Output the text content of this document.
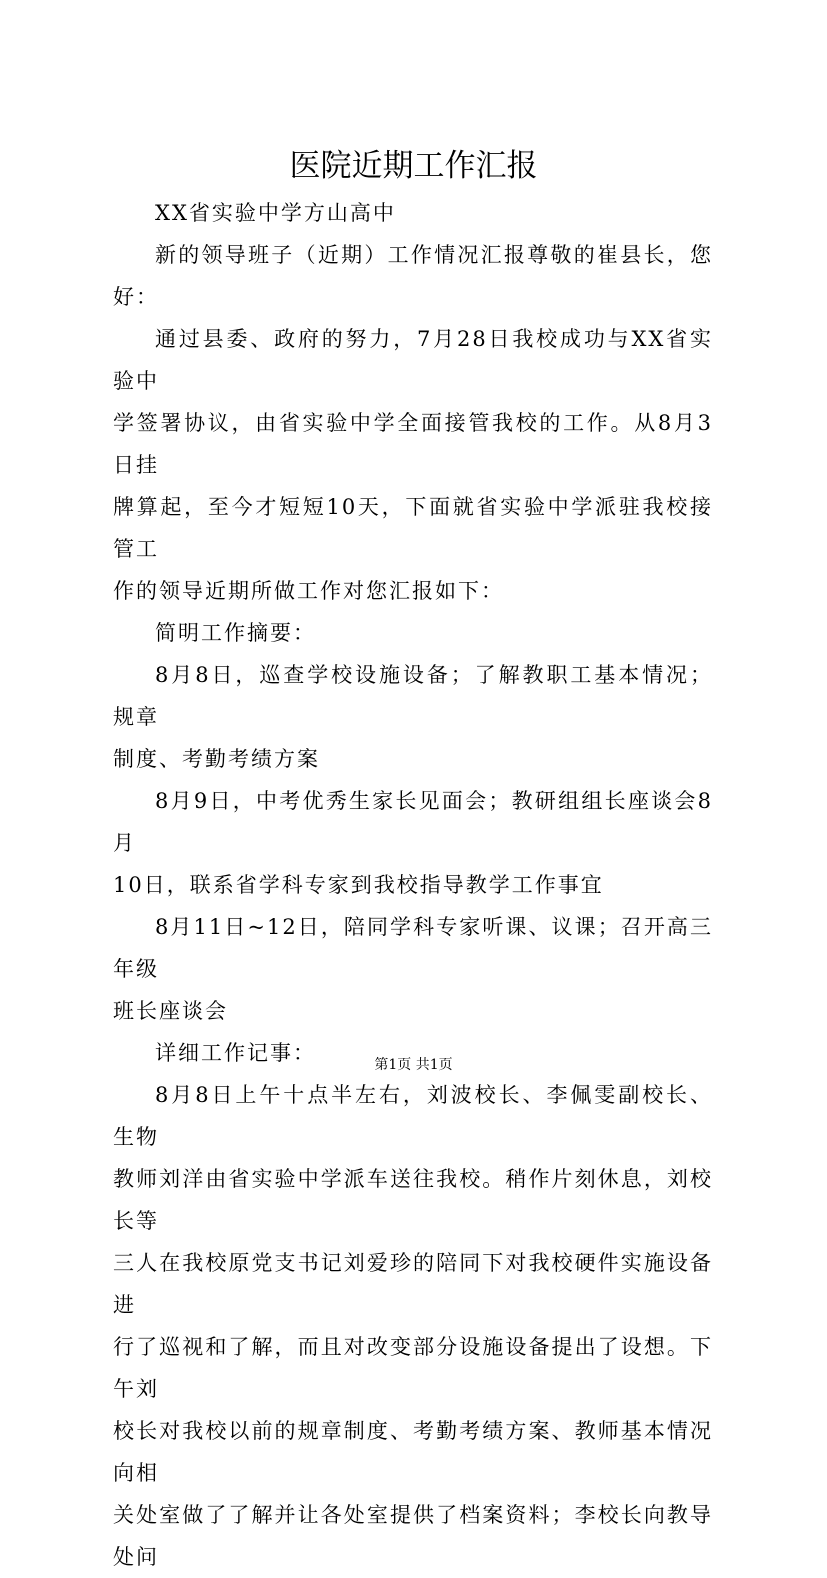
医院近期工作汇报

XX省实验中学方山高中

新的领导班子（近期）工作情况汇报尊敬的崔县长，您好：

通过县委、政府的努力，7月28日我校成功与XX省实验中
学签署协议，由省实验中学全面接管我校的工作。从8月3日挂
牌算起，至今才短短10天，下面就省实验中学派驻我校接管工
作的领导近期所做工作对您汇报如下：

简明工作摘要：

8月8日，巡查学校设施设备；了解教职工基本情况；规章
制度、考勤考绩方案

8月9日，中考优秀生家长见面会；教研组组长座谈会8月
10日，联系省学科专家到我校指导教学工作事宜

8月11日~12日，陪同学科专家听课、议课；召开高三年级
班长座谈会

详细工作记事：

8月8日上午十点半左右，刘波校长、李佩雯副校长、生物
教师刘洋由省实验中学派车送往我校。稍作片刻休息，刘校长等
三人在我校原党支书记刘爱珍的陪同下对我校硬件实施设备进
行了巡视和了解，而且对改变部分设施设备提出了设想。下午刘
校长对我校以前的规章制度、考勤考绩方案、教师基本情况向相
关处室做了了解并让各处室提供了档案资料；李校长向教导处问

第1页 共1页
